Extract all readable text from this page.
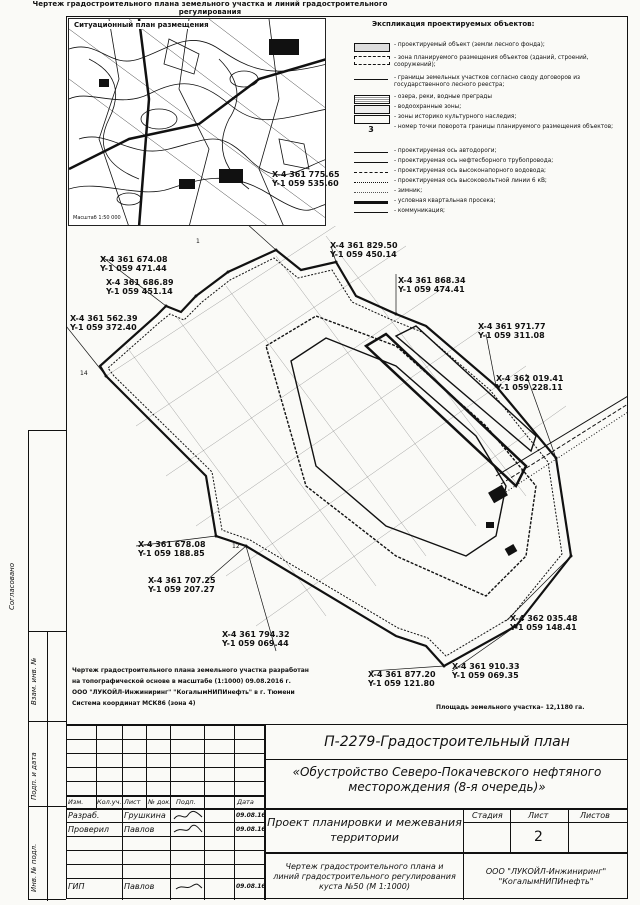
Чертеж градостроительного плана земельного участка и линий градостроительного регулирования
Ситуационный план размещения
Масштаб 1:50 000
Экспликация проектируемых объектов:
- проектируемый объект (земли лесного фонда);
- зона планируемого размещения объектов (зданий, строений, сооружений);
- границы земельных участков согласно своду договоров из государственного лесного реестра;
- озера, реки, водные преграды
- водоохранные зоны;
- зоны историко культурного наследия;
3	- номер точки поворота границы планируемого размещения объектов;
- проектируемая ось автодороги;
- проектируемая ось нефтесборного трубопровода;
- проектируемая ось высоконапорного водовода;
- проектируемая ось высоковольтной линии 6 кВ;
- зимник;
- условная квартальная просека;
- коммуникация;
1
14
12
X-4 361 775.65
Y-1 059 535.60
X-4 361 829.50
Y-1 059 450.14
X-4 361 674.08
Y-1 059 471.44
X-4 361 686.89
Y-1 059 451.14
X-4 361 868.34
Y-1 059 474.41
X-4 361 562.39
Y-1 059 372.40	X-4 361 971.77
Y-1 059 311.08
X-4 362 019.41
Y-1 059 228.11
X-4 361 678.08
Y-1 059 188.85
X-4 361 707.25
Y-1 059 207.27
X-4 362 035.48
Y-1 059 148.41
X-4 361 794.32
Y-1 059 069.44
X-4 361 877.20
Y-1 059 121.80
X-4 361 910.33
Y-1 059 069.35
Чертеж градостроительного плана земельного участка разработан
на топографической основе в масштабе (1:1000) 09.08.2016 г.
ООО "ЛУКОЙЛ-Инжиниринг" "КогалымНИПИнефть" в г. Тюмени
Система координат МСК86 (зона 4)
Площадь земельного участка– 12,1180 га.
Согласовано
Взам. инв. №
Подп. и дата
Инв. № подл.
Изм. Кол.уч. Лист № док. Подп.	Дата
Разраб.	Грушкина	09.08.16
Проверил Павлов	09.08.16
ГИП	Павлов	09.08.16
П-2279-Градостроительный план
«Обустройство Северо-Покачевского нефтяного месторождения (8-я очередь)»
Проект планировки и межевания территории
Чертеж градостроительного плана и линий градостроительного регулирования куста №50 (М 1:1000)
ООО "ЛУКОЙЛ-Инжиниринг" "КогалымНИПИнефть"
Стадия	Лист	Листов
2
